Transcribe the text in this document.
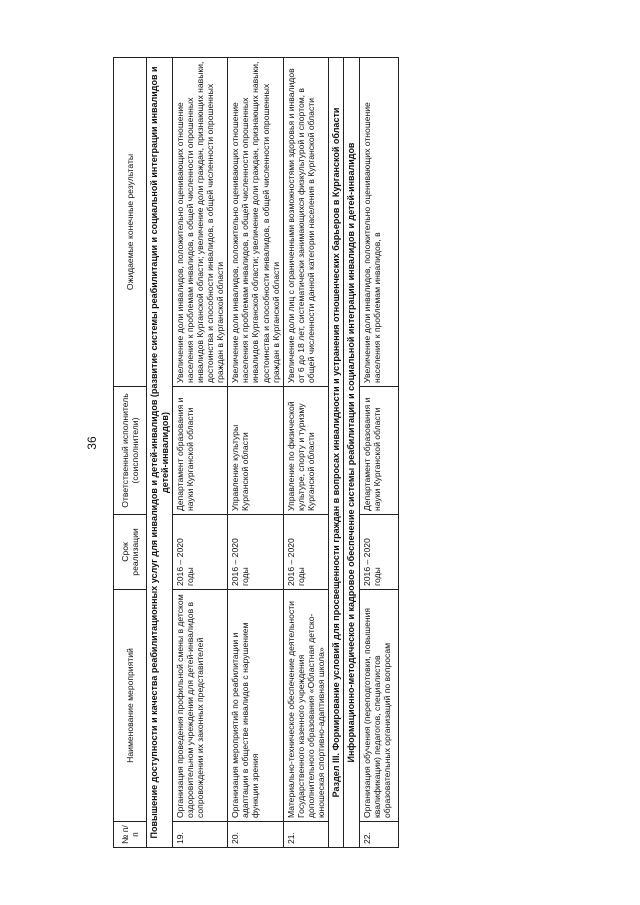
36
№ п/п	Наименование мероприятий	Срок реализации	Ответственный исполнитель (соисполнители)	Ожидаемые конечные результаты
Повышение доступности и качества реабилитационных услуг для инвалидов и детей-инвалидов (развитие системы реабилитации и социальной интеграции инвалидов и детей-инвалидов)				
19.	Организация проведения профильной смены в детском оздоровительном учреждении для детей-инвалидов в сопровождении их законных представителей	2016 – 2020 годы	Департамент образования и науки Курганской области	Увеличение доли инвалидов, положительно оценивающих отношение населения к проблемам инвалидов, в общей численности опрошенных инвалидов Курганской области; увеличение доли граждан, признающих навыки, достоинства и способности инвалидов, в общей численности опрошенных граждан в Курганской области
20.	Организация мероприятий по реабилитации и адаптации в обществе инвалидов с нарушением функции зрения	2016 – 2020 годы	Управление культуры Курганской области	Увеличение доли инвалидов, положительно оценивающих отношение населения к проблемам инвалидов, в общей численности опрошенных инвалидов Курганской области; увеличение доли граждан, признающих навыки, достоинства и способности инвалидов, в общей численности опрошенных граждан в Курганской области
21.	Материально-техническое обеспечение деятельности Государственного казенного учреждения дополнительного образования «Областная детско-юношеская спортивно-адаптивная школа»	2016 – 2020 годы	Управление по физической культуре, спорту и туризму Курганской области	Увеличение доли лиц с ограниченными возможностями здоровья и инвалидов от 6 до 18 лет, систематически занимающихся физкультурой и спортом, в общей численности данной категории населения в Курганской области
Раздел III. Формирование условий для просвещенности граждан в вопросах инвалидности и устранения отношенческих барьеров в Курганской области				
Информационно-методическое и кадровое обеспечение системы реабилитации и социальной интеграции инвалидов и детей-инвалидов				

22.	Организация обучения (переподготовки, повышения квалификации) педагогов, специалистов образовательных организаций по вопросам	2016 – 2020 годы	Департамент образования и науки Курганской области	Увеличение доли инвалидов, положительно оценивающих отношение населения к проблемам инвалидов, в
